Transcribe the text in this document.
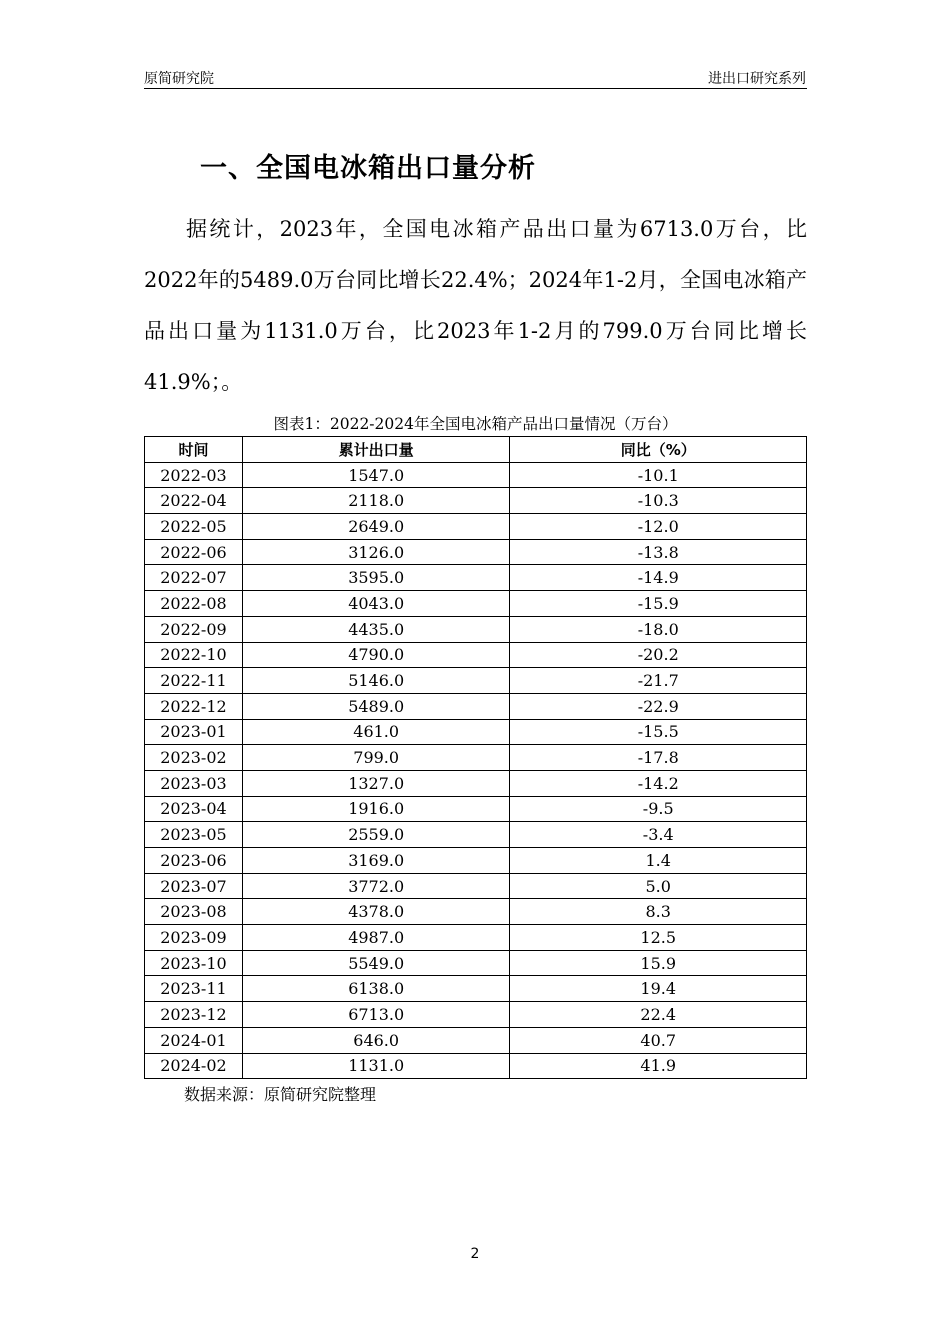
原简研究院	进出口研究系列
一、全国电冰箱出口量分析

据统计，2023年，全国电冰箱产品出口量为6713.0万台，比2022年的5489.0万台同比增长22.4%；2024年1-2月，全国电冰箱产品出口量为1131.0万台，比2023年1-2月的799.0万台同比增长41.9%；。

图表1：2022-2024年全国电冰箱产品出口量情况（万台）
时间	累计出口量	同比（%）
2022-03	1547.0	-10.1
2022-04	2118.0	-10.3
2022-05	2649.0	-12.0
2022-06	3126.0	-13.8
2022-07	3595.0	-14.9
2022-08	4043.0	-15.9
2022-09	4435.0	-18.0
2022-10	4790.0	-20.2
2022-11	5146.0	-21.7
2022-12	5489.0	-22.9
2023-01	461.0	-15.5
2023-02	799.0	-17.8
2023-03	1327.0	-14.2
2023-04	1916.0	-9.5
2023-05	2559.0	-3.4
2023-06	3169.0	1.4
2023-07	3772.0	5.0
2023-08	4378.0	8.3
2023-09	4987.0	12.5
2023-10	5549.0	15.9
2023-11	6138.0	19.4
2023-12	6713.0	22.4
2024-01	646.0	40.7
2024-02	1131.0	41.9
数据来源：原简研究院整理
2
